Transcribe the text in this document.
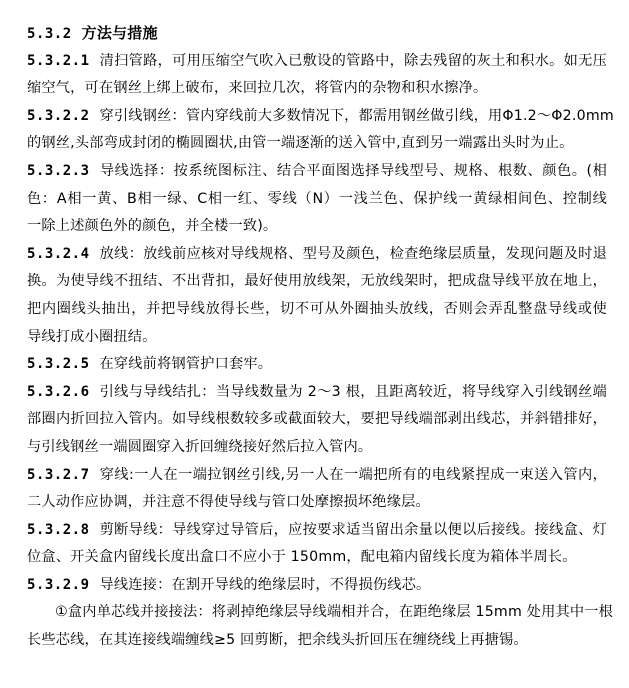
5.3.2 方法与措施
5.3.2.1 清扫管路，可用压缩空气吹入已敷设的管路中，除去残留的灰土和积水。如无压
缩空气，可在钢丝上绑上破布，来回拉几次，将管内的杂物和积水擦净。
5.3.2.2 穿引线钢丝：管内穿线前大多数情况下，都需用钢丝做引线，用Φ1.2～Φ2.0mm
的钢丝,头部弯成封闭的椭圆圈状,由管一端逐渐的送入管中,直到另一端露出头时为止。
5.3.2.3 导线选择：按系统图标注、结合平面图选择导线型号、规格、根数、颜色。(相
色：A相一黄、B相一绿、C相一红、零线（N）一浅兰色、保护线一黄绿相间色、控制线
一除上述颜色外的颜色，并全楼一致)。
5.3.2.4 放线：放线前应核对导线规格、型号及颜色，检查绝缘层质量，发现问题及时退
换。为使导线不扭结、不出背扣，最好使用放线架，无放线架时，把成盘导线平放在地上，
把内圈线头抽出，并把导线放得长些，切不可从外圈抽头放线，否则会弄乱整盘导线或使
导线打成小圈扭结。
5.3.2.5 在穿线前将钢管护口套牢。
5.3.2.6 引线与导线结扎：当导线数量为 2～3 根，且距离较近，将导线穿入引线钢丝端
部圈内折回拉入管内。如导线根数较多或截面较大，要把导线端部剥出线芯，并斜错排好，
与引线钢丝一端圆圈穿入折回缠绕接好然后拉入管内。
5.3.2.7 穿线:一人在一端拉钢丝引线,另一人在一端把所有的电线紧捏成一束送入管内，
二人动作应协调，并注意不得使导线与管口处摩擦损坏绝缘层。
5.3.2.8 剪断导线：导线穿过导管后，应按要求适当留出余量以便以后接线。接线盒、灯
位盒、开关盒内留线长度出盒口不应小于 150mm，配电箱内留线长度为箱体半周长。
5.3.2.9 导线连接：在割开导线的绝缘层时，不得损伤线芯。
①盒内单芯线并接接法：将剥掉绝缘层导线端相并合，在距绝缘层 15mm 处用其中一根
长些芯线，在其连接线端缠线≥5 回剪断，把余线头折回压在缠绕线上再搪锡。
